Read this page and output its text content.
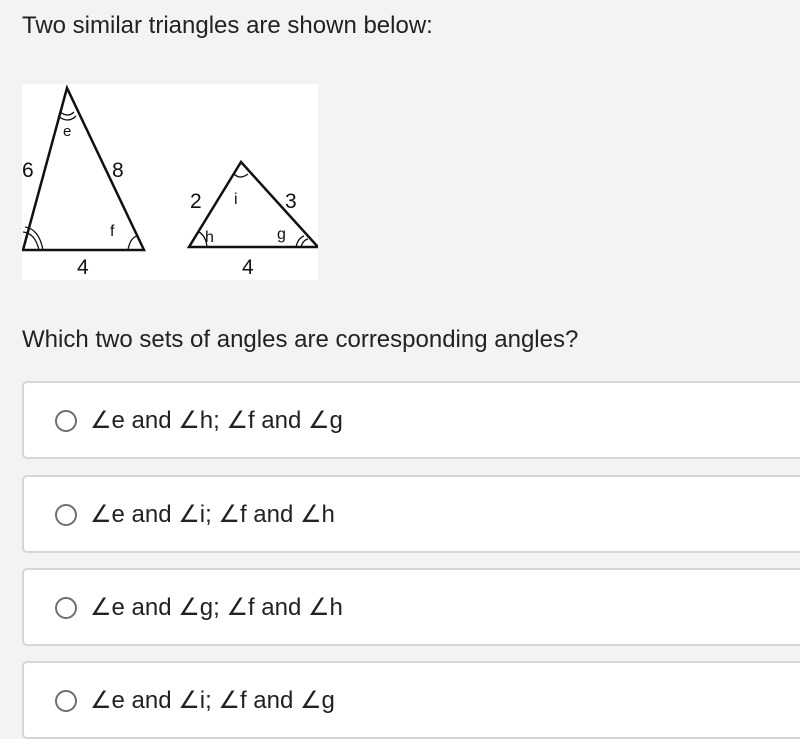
Two similar triangles are shown below:
e
6	8
f
4
2 i 3
h	g
4
Which two sets of angles are corresponding angles?
∠e and ∠h; ∠f and ∠g
∠e and ∠i; ∠f and ∠h
∠e and ∠g; ∠f and ∠h
∠e and ∠i; ∠f and ∠g
